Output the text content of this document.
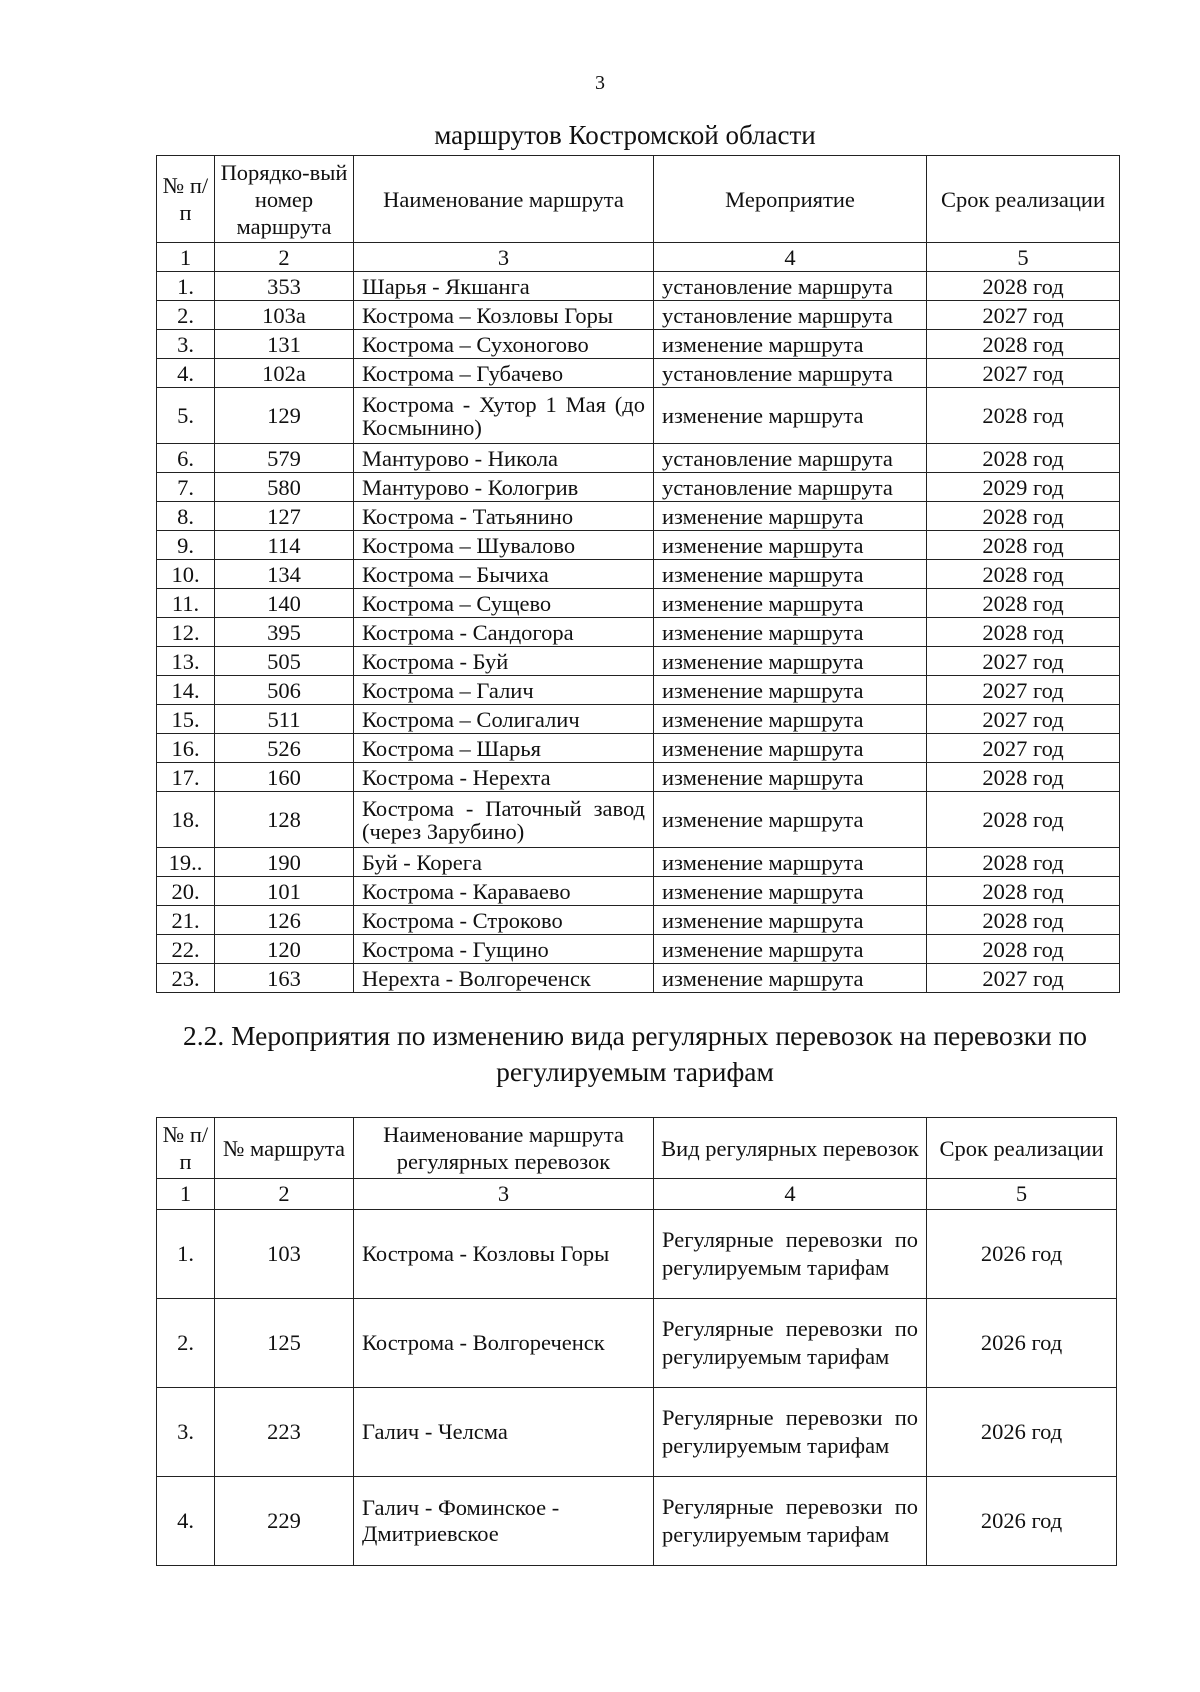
3
маршрутов Костромской области
№ п/п	Порядко-вый номер маршрута	Наименование маршрута	Мероприятие	Срок реализации
1	2	3	4	5
1.	353	Шарья - Якшанга	установление маршрута	2028 год
2.	103а	Кострома – Козловы Горы	установление маршрута	2027 год
3.	131	Кострома – Сухоногово	изменение маршрута	2028 год
4.	102а	Кострома – Губачево	установление маршрута	2027 год
5.	129	Кострома - Хутор 1 Мая (до Космынино)	изменение маршрута	2028 год
6.	579	Мантурово - Никола	установление маршрута	2028 год
7.	580	Мантурово - Кологрив	установление маршрута	2029 год
8.	127	Кострома - Татьянино	изменение маршрута	2028 год
9.	114	Кострома – Шувалово	изменение маршрута	2028 год
10.	134	Кострома – Бычиха	изменение маршрута	2028 год
11.	140	Кострома – Сущево	изменение маршрута	2028 год
12.	395	Кострома - Сандогора	изменение маршрута	2028 год
13.	505	Кострома - Буй	изменение маршрута	2027 год
14.	506	Кострома – Галич	изменение маршрута	2027 год
15.	511	Кострома – Солигалич	изменение маршрута	2027 год
16.	526	Кострома – Шарья	изменение маршрута	2027 год
17.	160	Кострома - Нерехта	изменение маршрута	2028 год
18.	128	Кострома - Паточный завод (через Зарубино)	изменение маршрута	2028 год
19..	190	Буй - Корега	изменение маршрута	2028 год
20.	101	Кострома - Караваево	изменение маршрута	2028 год
21.	126	Кострома - Строково	изменение маршрута	2028 год
22.	120	Кострома - Гущино	изменение маршрута	2028 год
23.	163	Нерехта - Волгореченск	изменение маршрута	2027 год
2.2. Мероприятия по изменению вида регулярных перевозок на перевозки по регулируемым тарифам
№ п/п	№ маршрута	Наименование маршрута регулярных перевозок	Вид регулярных перевозок	Срок реализации
1	2	3	4	5
1.	103	Кострома - Козловы Горы	Регулярные перевозки по регулируемым тарифам	2026 год
2.	125	Кострома - Волгореченск	Регулярные перевозки по регулируемым тарифам	2026 год
3.	223	Галич - Челсма	Регулярные перевозки по регулируемым тарифам	2026 год
4.	229	Галич - Фоминское - Дмитриевское	Регулярные перевозки по регулируемым тарифам	2026 год
